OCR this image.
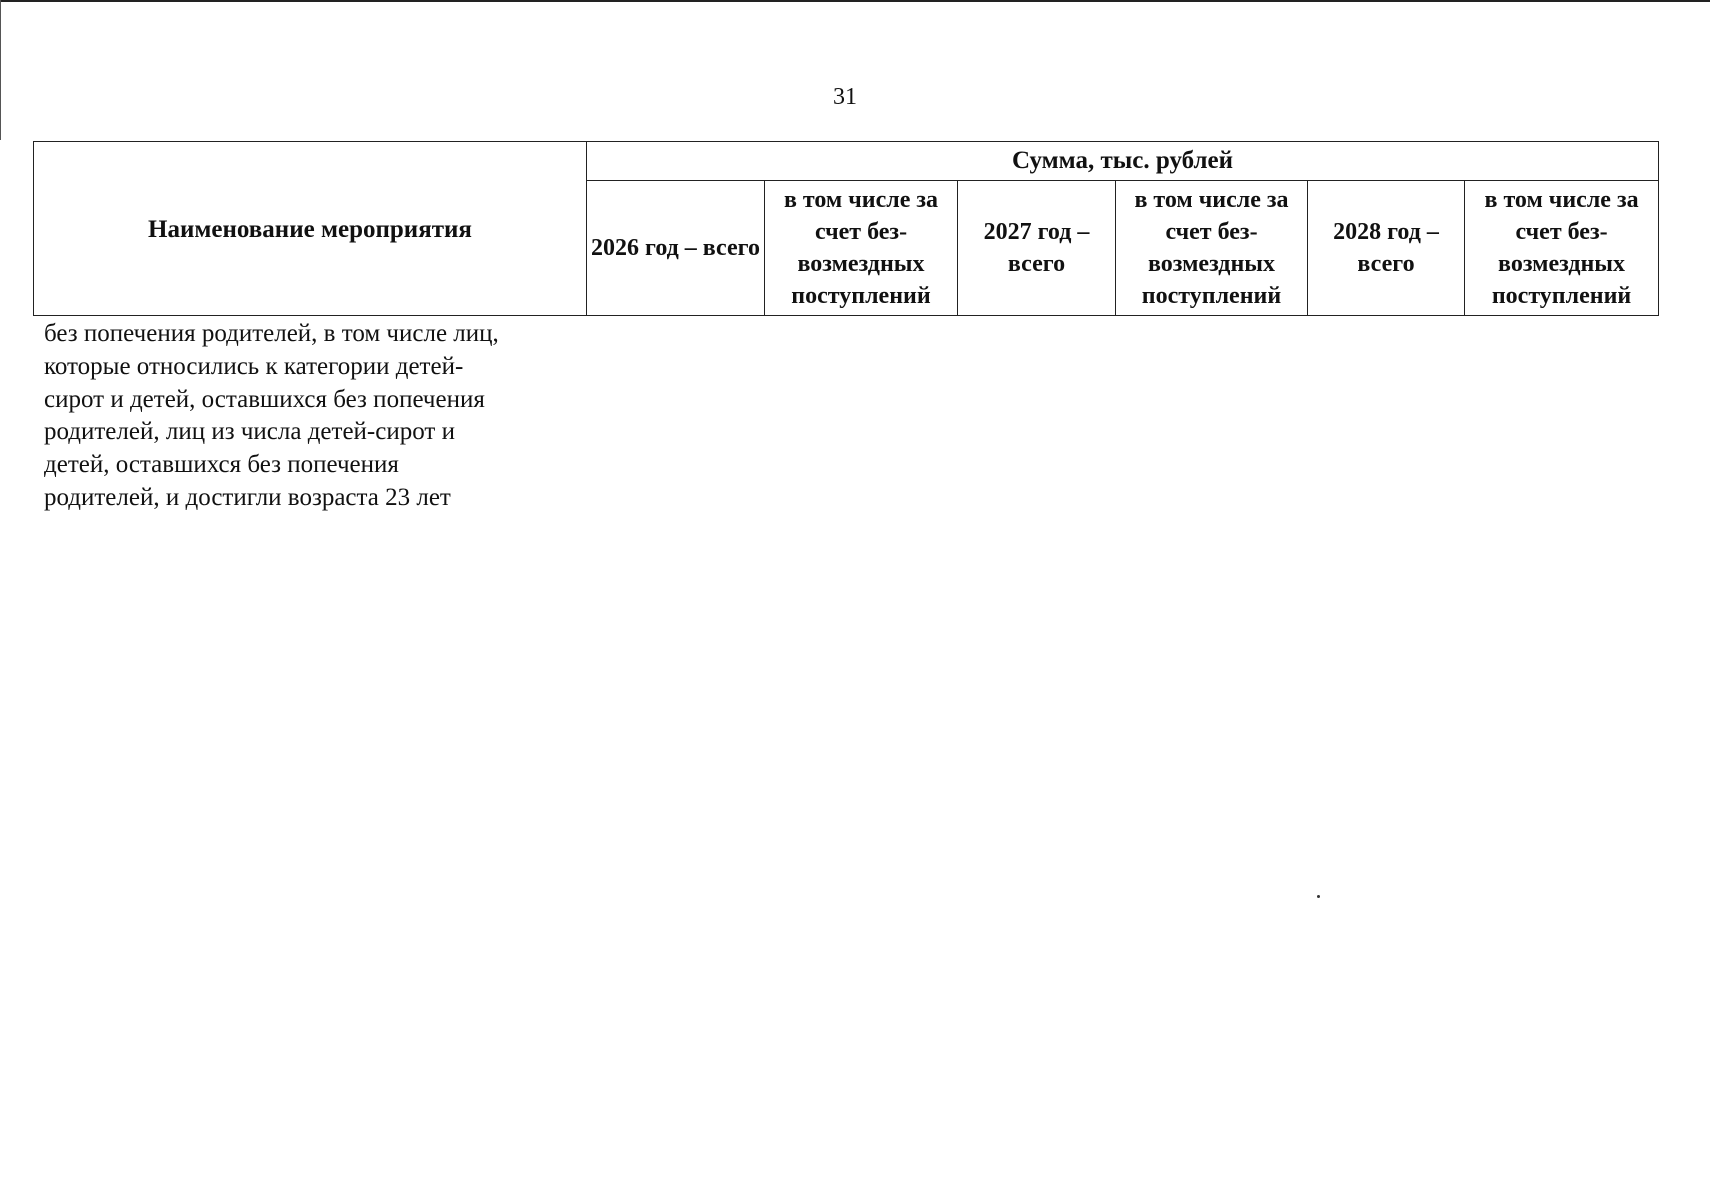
31
Наименование мероприятия	Сумма, тыс. рублей					
	2026 год – всего	в том числе за счет без-возмездных поступлений	2027 год – всего	в том числе за счет без-возмездных поступлений	2028 год – всего	в том числе за счет без-возмездных поступлений
без попечения родителей, в том числе лиц,
которые относились к категории детей-
сирот и детей, оставшихся без попечения
родителей, лиц из числа детей-сирот и
детей, оставшихся без попечения
родителей, и достигли возраста 23 лет
